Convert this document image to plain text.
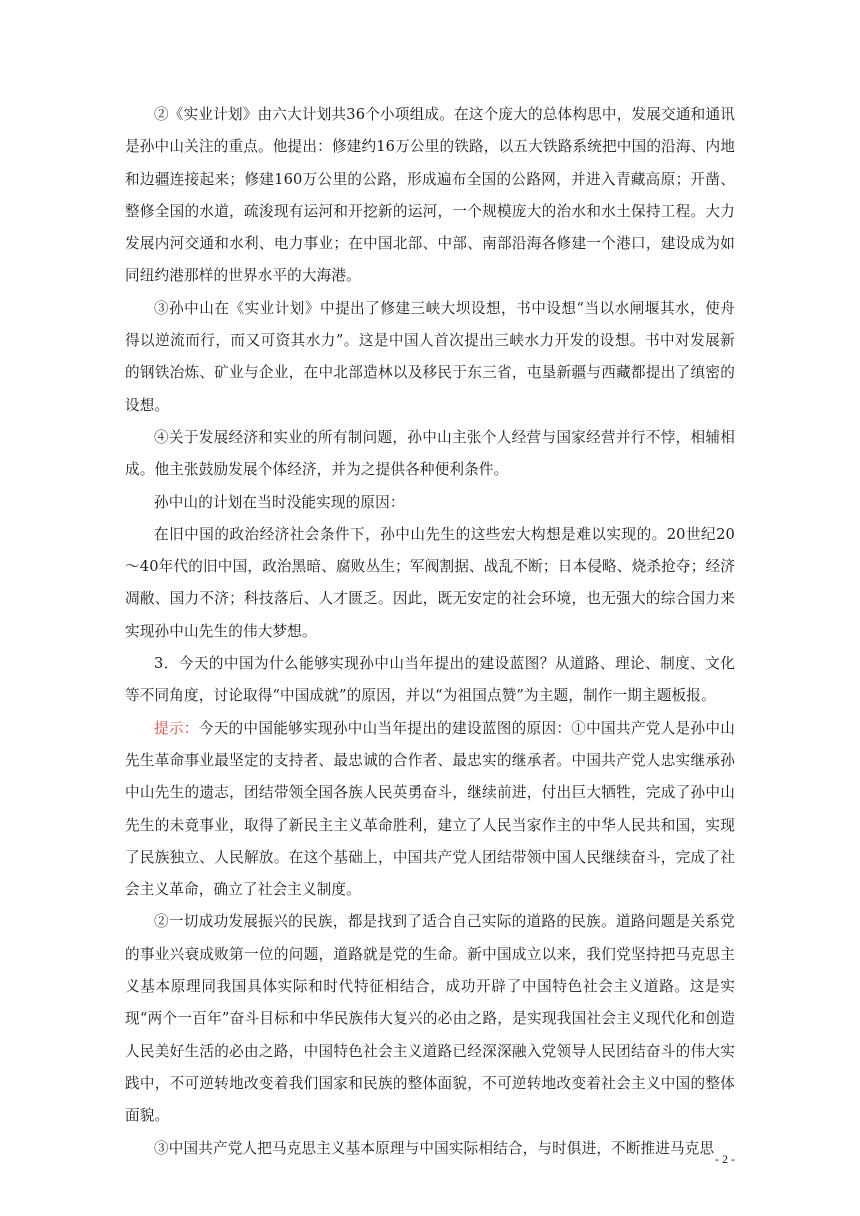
②《实业计划》由六大计划共36个小项组成。在这个庞大的总体构思中，发展交通和通讯是孙中山关注的重点。他提出：修建约16万公里的铁路，以五大铁路系统把中国的沿海、内地和边疆连接起来；修建160万公里的公路，形成遍布全国的公路网，并进入青藏高原；开凿、整修全国的水道，疏浚现有运河和开挖新的运河，一个规模庞大的治水和水土保持工程。大力发展内河交通和水利、电力事业；在中国北部、中部、南部沿海各修建一个港口，建设成为如同纽约港那样的世界水平的大海港。

③孙中山在《实业计划》中提出了修建三峡大坝设想，书中设想“当以水闸堰其水，使舟得以逆流而行，而又可资其水力”。这是中国人首次提出三峡水力开发的设想。书中对发展新的钢铁冶炼、矿业与企业，在中北部造林以及移民于东三省，屯垦新疆与西藏都提出了缜密的设想。

④关于发展经济和实业的所有制问题，孙中山主张个人经营与国家经营并行不悖，相辅相成。他主张鼓励发展个体经济，并为之提供各种便利条件。

孙中山的计划在当时没能实现的原因：

在旧中国的政治经济社会条件下，孙中山先生的这些宏大构想是难以实现的。20世纪20～40年代的旧中国，政治黑暗、腐败丛生；军阀割据、战乱不断；日本侵略、烧杀抢夺；经济凋敝、国力不济；科技落后、人才匮乏。因此，既无安定的社会环境，也无强大的综合国力来实现孙中山先生的伟大梦想。

3．今天的中国为什么能够实现孙中山当年提出的建设蓝图？从道路、理论、制度、文化等不同角度，讨论取得“中国成就”的原因，并以“为祖国点赞”为主题，制作一期主题板报。

提示：今天的中国能够实现孙中山当年提出的建设蓝图的原因：①中国共产党人是孙中山先生革命事业最坚定的支持者、最忠诚的合作者、最忠实的继承者。中国共产党人忠实继承孙中山先生的遗志，团结带领全国各族人民英勇奋斗，继续前进，付出巨大牺牲，完成了孙中山先生的未竟事业，取得了新民主主义革命胜利，建立了人民当家作主的中华人民共和国，实现了民族独立、人民解放。在这个基础上，中国共产党人团结带领中国人民继续奋斗，完成了社会主义革命，确立了社会主义制度。

②一切成功发展振兴的民族，都是找到了适合自己实际的道路的民族。道路问题是关系党的事业兴衰成败第一位的问题，道路就是党的生命。新中国成立以来，我们党坚持把马克思主义基本原理同我国具体实际和时代特征相结合，成功开辟了中国特色社会主义道路。这是实现“两个一百年”奋斗目标和中华民族伟大复兴的必由之路，是实现我国社会主义现代化和创造人民美好生活的必由之路，中国特色社会主义道路已经深深融入党领导人民团结奋斗的伟大实践中，不可逆转地改变着我们国家和民族的整体面貌，不可逆转地改变着社会主义中国的整体面貌。

③中国共产党人把马克思主义基本原理与中国实际相结合，与时俱进，不断推进马克思

- 2 -
